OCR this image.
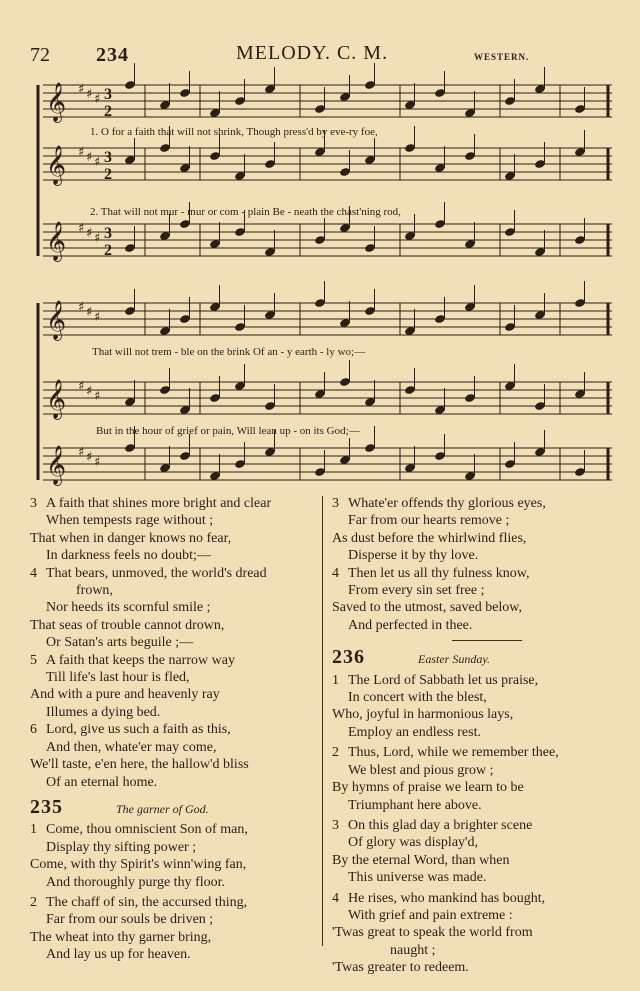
72 234	MELODY. C. M.	WESTERN.
𝄞 ♯ ♯ ♯ 3
2
𝄞 ♯ ♯ ♯ 3
2
𝄞 ♯ ♯ ♯ 3
2
𝄞 ♯ ♯ ♯
𝄞 ♯ ♯ ♯
𝄞 ♯ ♯ ♯
1. O for a faith that will not shrink, Though press'd by eve-ry foe,
2. That will not mur - mur or com - plain Be - neath the chast'ning rod,
That will not trem - ble on the brink Of an - y earth - ly wo;—
But in the hour of grief or pain, Will lean up - on its God;—
3 A faith that shines more bright and clear
When tempests rage without ;
That when in danger knows no fear,
In darkness feels no doubt;—
4 That bears, unmoved, the world's dread
frown,
Nor heeds its scornful smile ;
That seas of trouble cannot drown,
Or Satan's arts beguile ;—
5 A faith that keeps the narrow way
Till life's last hour is fled,
And with a pure and heavenly ray
Illumes a dying bed.
6 Lord, give us such a faith as this,
And then, whate'er may come,
We'll taste, e'en here, the hallow'd bliss
Of an eternal home.
235	The garner of God.
1 Come, thou omniscient Son of man,
Display thy sifting power ;
Come, with thy Spirit's winn'wing fan,
And thoroughly purge thy floor.
2 The chaff of sin, the accursed thing,
Far from our souls be driven ;
The wheat into thy garner bring,
And lay us up for heaven.
3 Whate'er offends thy glorious eyes,
Far from our hearts remove ;
As dust before the whirlwind flies,
Disperse it by thy love.
4 Then let us all thy fulness know,
From every sin set free ;
Saved to the utmost, saved below,
And perfected in thee.
236	Easter Sunday.
1 The Lord of Sabbath let us praise,
In concert with the blest,
Who, joyful in harmonious lays,
Employ an endless rest.
2 Thus, Lord, while we remember thee,
We blest and pious grow ;
By hymns of praise we learn to be
Triumphant here above.
3 On this glad day a brighter scene
Of glory was display'd,
By the eternal Word, than when
This universe was made.
4 He rises, who mankind has bought,
With grief and pain extreme :
'Twas great to speak the world from
naught ;
'Twas greater to redeem.
